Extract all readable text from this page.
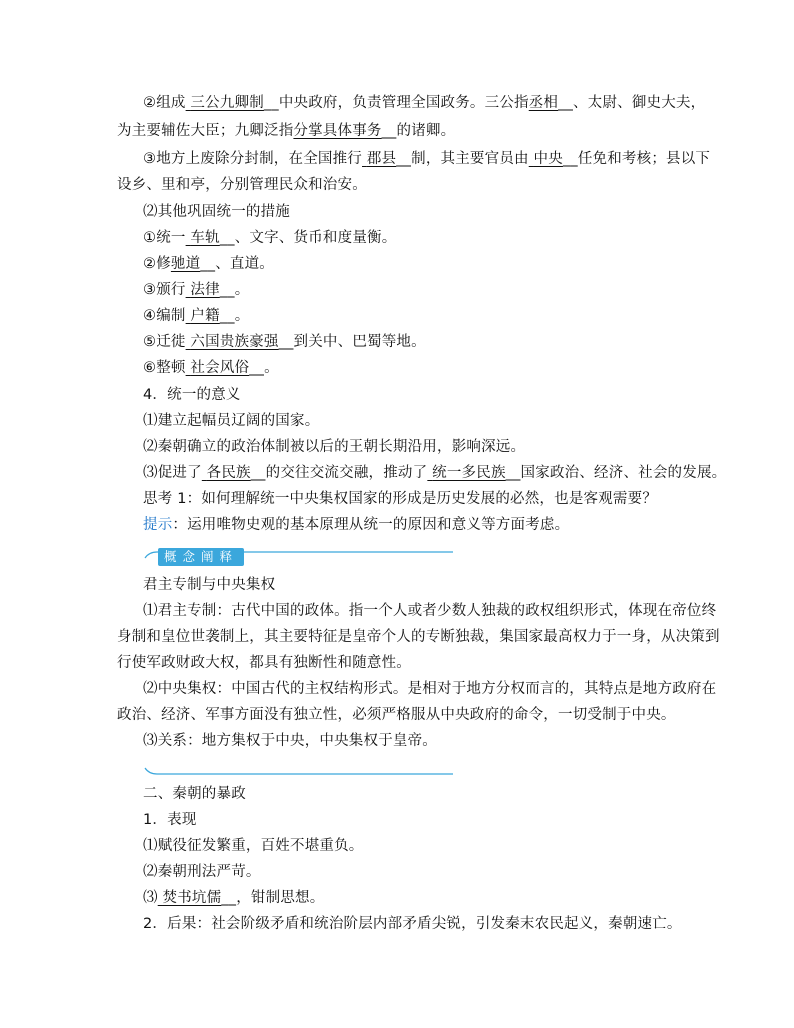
②组成 三公九卿制__中央政府，负责管理全国政务。三公指丞相__、太尉、御史大夫，
为主要辅佐大臣；九卿泛指分掌具体事务__的诸卿。
③地方上废除分封制，在全国推行 郡县__制，其主要官员由 中央__任免和考核；县以下
设乡、里和亭，分别管理民众和治安。
⑵其他巩固统一的措施
①统一 车轨__、文字、货币和度量衡。
②修驰道__、直道。
③颁行 法律__。
④编制 户籍__。
⑤迁徙 六国贵族豪强__到关中、巴蜀等地。
⑥整顿 社会风俗__。
4．统一的意义
⑴建立起幅员辽阔的国家。
⑵秦朝确立的政治体制被以后的王朝长期沿用，影响深远。
⑶促进了 各民族__的交往交流交融，推动了 统一多民族__国家政治、经济、社会的发展。
思考 1：如何理解统一中央集权国家的形成是历史发展的必然，也是客观需要？
提示：运用唯物史观的基本原理从统一的原因和意义等方面考虑。
概念阐释
君主专制与中央集权
⑴君主专制：古代中国的政体。指一个人或者少数人独裁的政权组织形式，体现在帝位终
身制和皇位世袭制上，其主要特征是皇帝个人的专断独裁，集国家最高权力于一身，从决策到
行使军政财政大权，都具有独断性和随意性。
⑵中央集权：中国古代的主权结构形式。是相对于地方分权而言的，其特点是地方政府在
政治、经济、军事方面没有独立性，必须严格服从中央政府的命令，一切受制于中央。
⑶关系：地方集权于中央，中央集权于皇帝。
二、秦朝的暴政
1．表现
⑴赋役征发繁重，百姓不堪重负。
⑵秦朝刑法严苛。
⑶ 焚书坑儒__，钳制思想。
2．后果：社会阶级矛盾和统治阶层内部矛盾尖锐，引发秦末农民起义，秦朝速亡。
